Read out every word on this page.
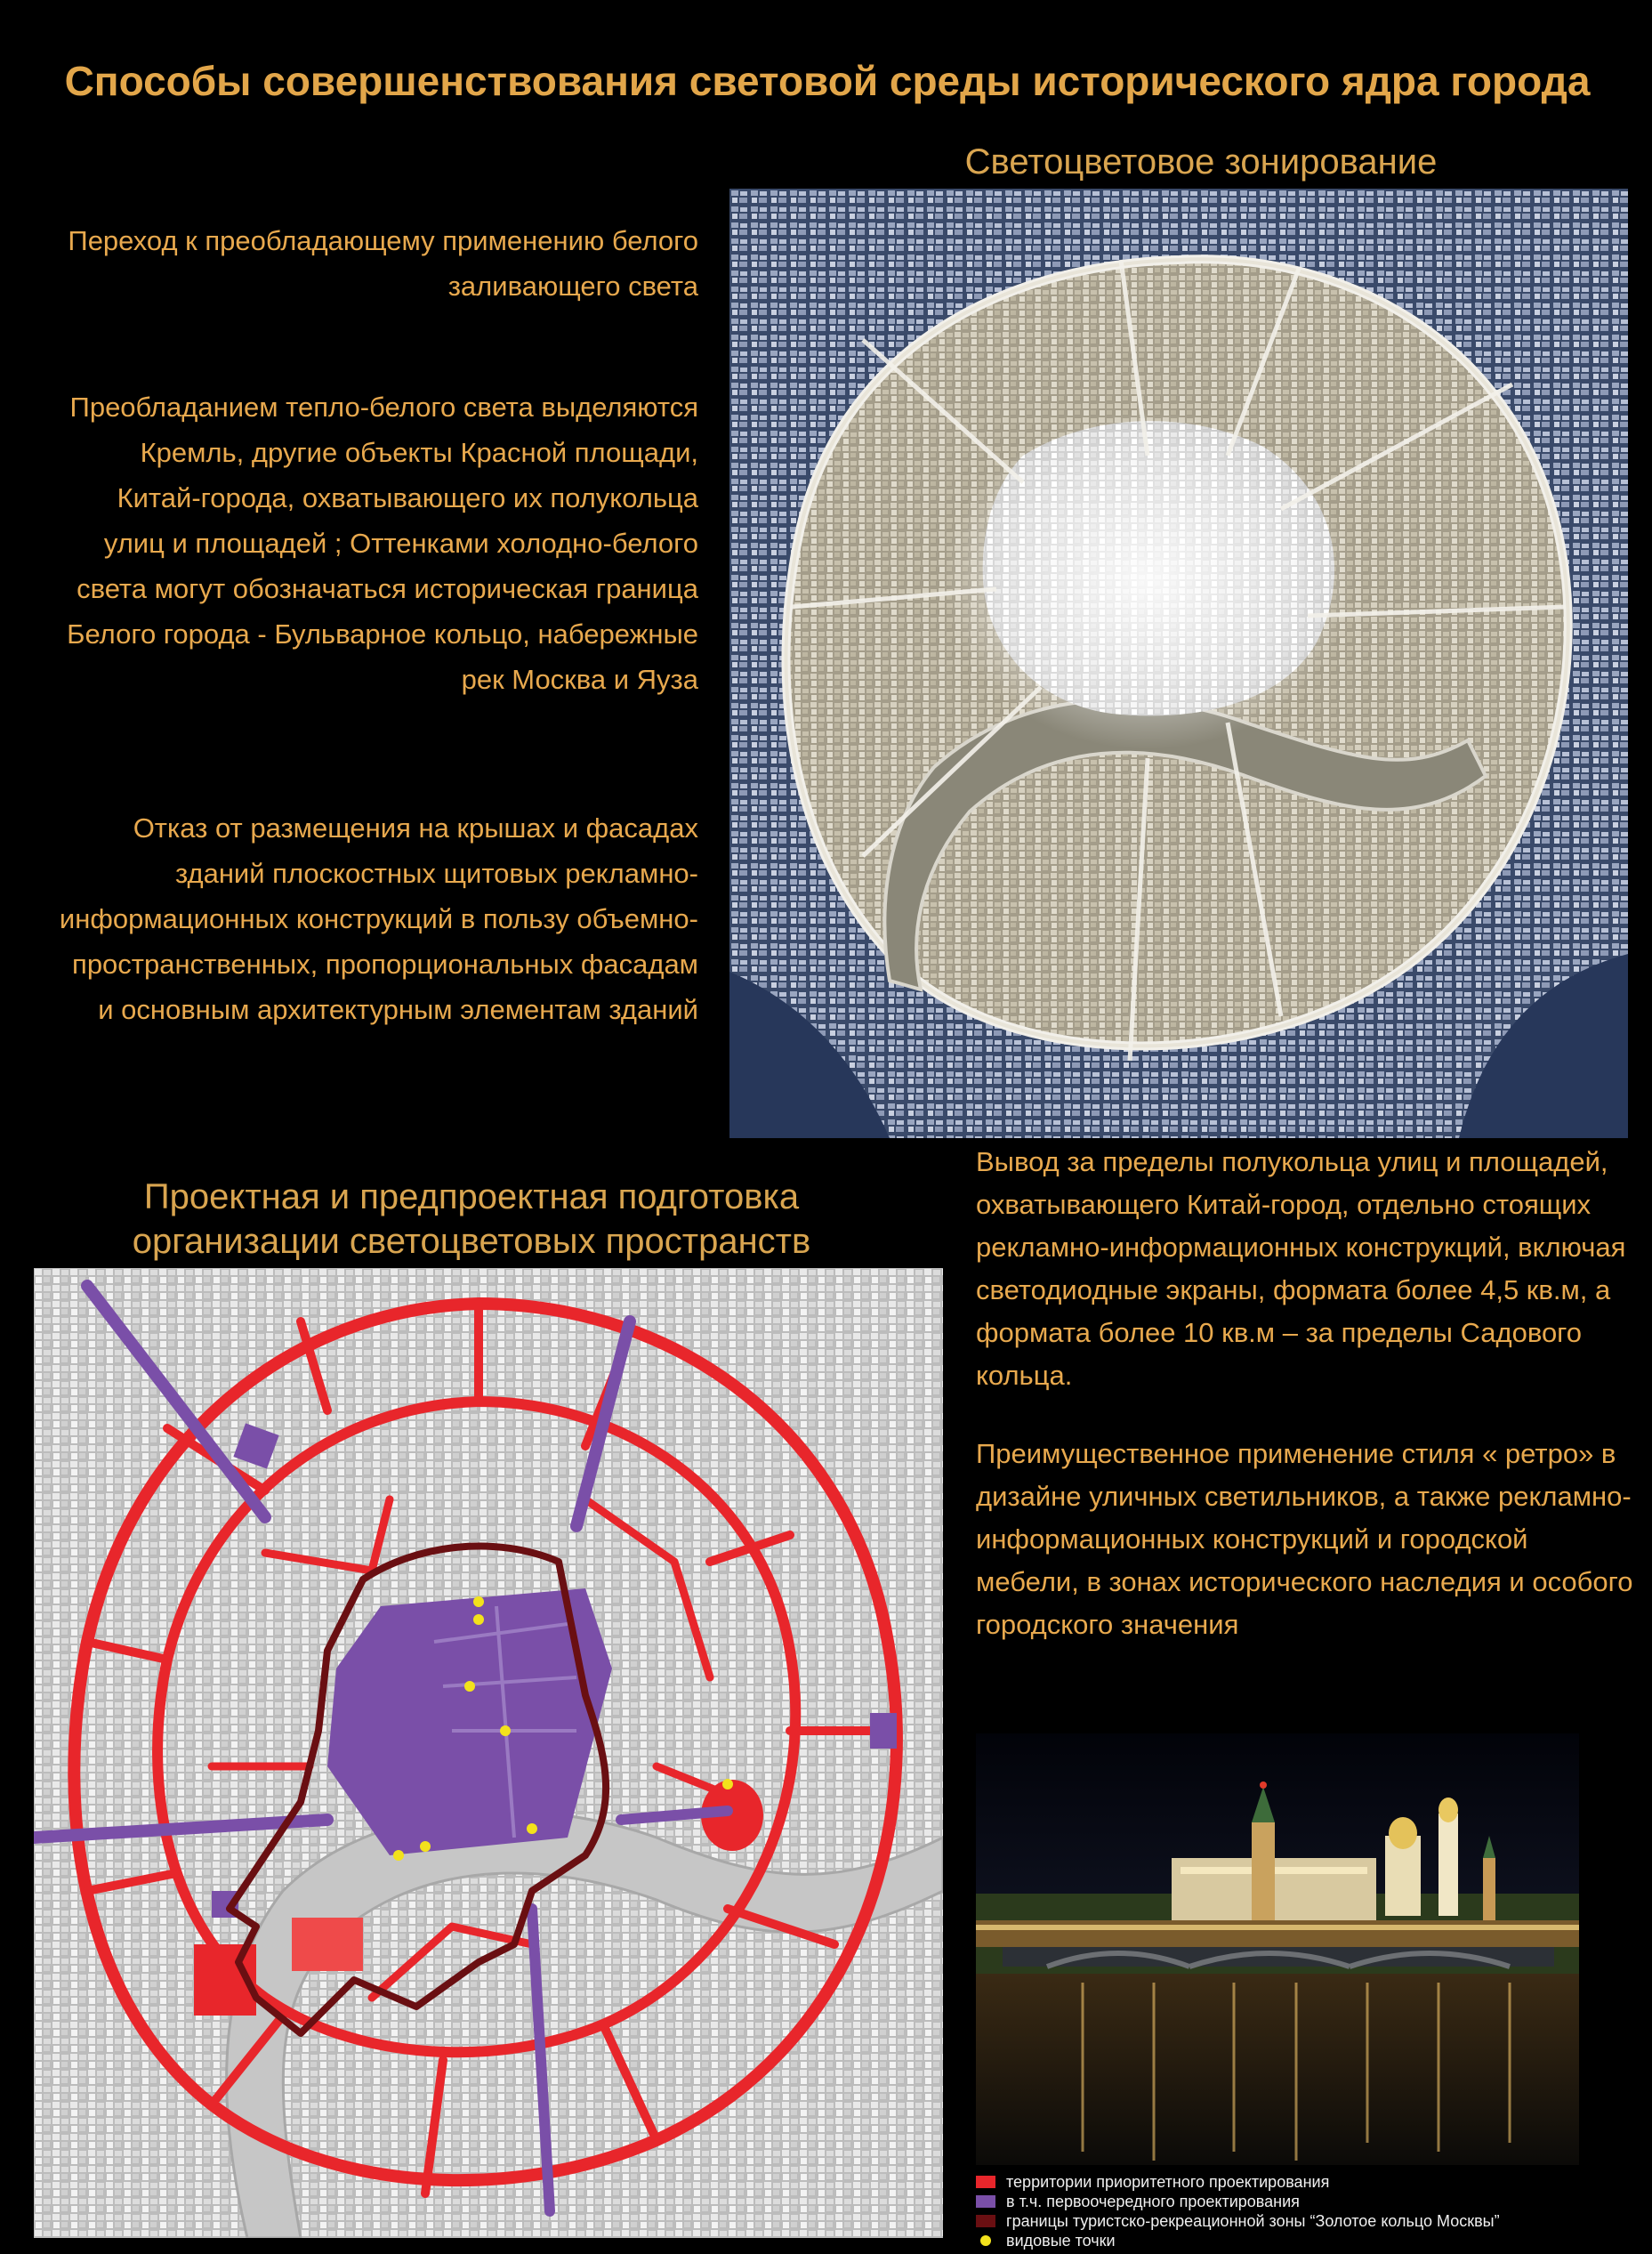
Способы совершенствования световой среды исторического ядра города
Светоцветовое зонирование
Переход к преобладающему применению белого заливающего света
Преобладанием тепло-белого света выделяются Кремль, другие объекты Красной площади, Китай-города, охватывающего их полукольца улиц и площадей ; Оттенками холодно-белого света могут обозначаться историческая граница Белого города - Бульварное кольцо, набережные рек Москва и Яуза
Отказ от размещения на крышах и фасадах зданий плоскостных щитовых рекламно-информационных конструкций в пользу объемно-пространственных, пропорциональных фасадам и основным архитектурным элементам зданий
Вывод за пределы полукольца улиц и площадей, охватывающего Китай-город, отдельно стоящих рекламно-информационных конструкций, включая светодиодные экраны, формата более 4,5 кв.м, а формата более 10 кв.м – за пределы Садового кольца.
Преимущественное применение стиля « ретро» в дизайне уличных светильников, а также рекламно-информационных конструкций и городской мебели, в зонах исторического наследия и особого городского значения
Проектная и предпроектная подготовка организации светоцветовых пространств
территории приоритетного проектирования
в т.ч. первоочередного проектирования
границы туристско-рекреационной зоны “Золотое кольцо Москвы”
видовые точки
